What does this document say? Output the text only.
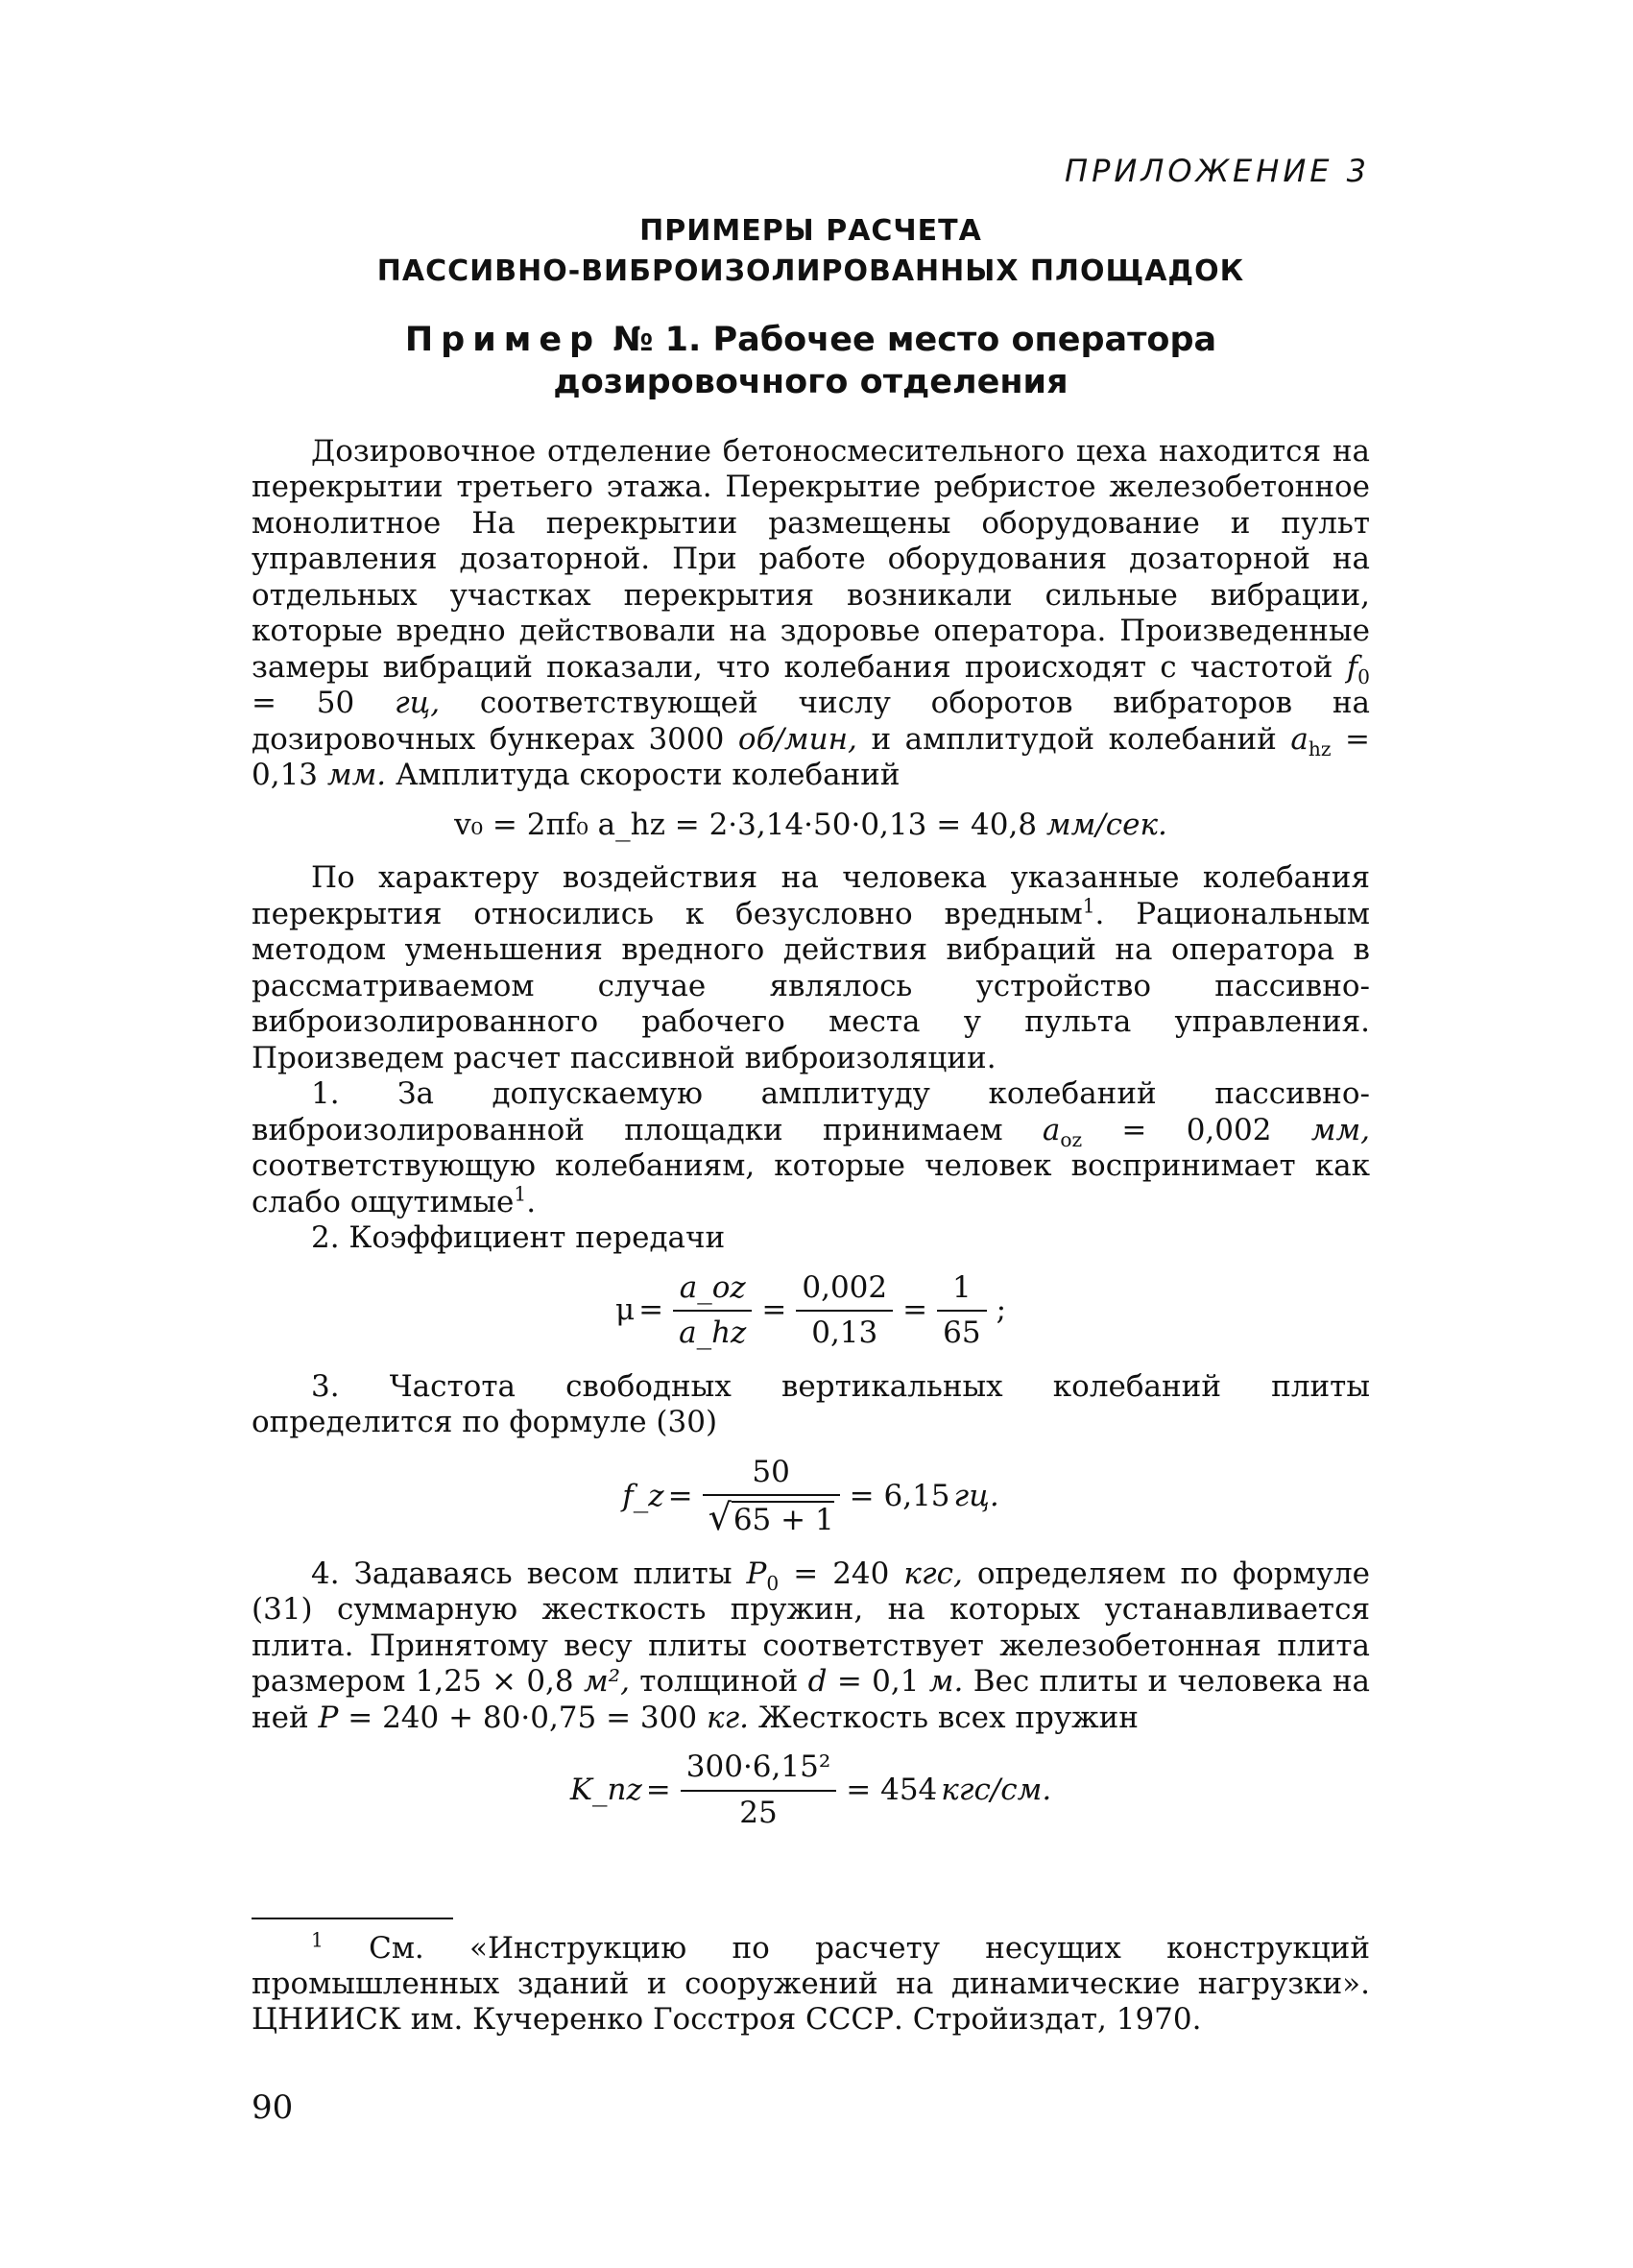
ПРИЛОЖЕНИЕ 3
ПРИМЕРЫ РАСЧЕТА
ПАССИВНО-ВИБРОИЗОЛИРОВАННЫХ ПЛОЩАДОК
Пример № 1. Рабочее место оператора
дозировочного отделения

Дозировочное отделение бетоносмесительного цеха находится на перекрытии третьего этажа. Перекрытие ребристое железобетонное монолитное На перекрытии размещены оборудование и пульт управления дозаторной. При работе оборудования дозаторной на отдельных участках перекрытия возникали сильные вибрации, которые вредно действовали на здоровье оператора. Произведенные замеры вибраций показали, что колебания происходят с частотой $f_0 = 50$ гц, соответствующей числу оборотов вибраторов на дозировочных бункерах 3000 об/мин, и амплитудой колебаний $a_{hz} = 0,13$ мм. Амплитуда скорости колебаний

v₀ = 2πf₀ a_hz = 2·3,14·50·0,13 = 40,8 мм/сек.

По характеру воздействия на человека указанные колебания перекрытия относились к безусловно вредным$^1$. Рациональным методом уменьшения вредного действия вибраций на оператора в рассматриваемом случае являлось устройство пассивно-виброизолированного рабочего места у пульта управления. Произведем расчет пассивной виброизоляции.

1. За допускаемую амплитуду колебаний пассивно-виброизолированной площадки принимаем $a_{oz} = 0,002$ мм, соответствующую колебаниям, которые человек воспринимает как слабо ощутимые$^1$.

2. Коэффициент передачи

$\mu = \frac{a\_oz}{a\_hz} = \frac{0,002}{0,13} = \frac{1}{65}$ ;

3. Частота свободных вертикальных колебаний плиты определится по формуле (30)

f_z = $\frac{50}{√65 + 1} = 6,15$ гц.

4. Задаваясь весом плиты $P_0 = 240$ кгс, определяем по формуле (31) суммарную жесткость пружин, на которых устанавливается плита. Принятому весу плиты соответствует железобетонная плита размером 1,25 × 0,8 м², толщиной d = 0,1 м. Вес плиты и человека на ней P = 240 + 80·0,75 = 300 кг. Жесткость всех пружин

K_пz = $\frac{\text{300·6,15²}}{25} = 454$ кгс/см.

$^1$ См. «Инструкцию по расчету несущих конструкций промышленных зданий и сооружений на динамические нагрузки». ЦНИИСК им. Кучеренко Госстроя СССР. Стройиздат, 1970.

90
